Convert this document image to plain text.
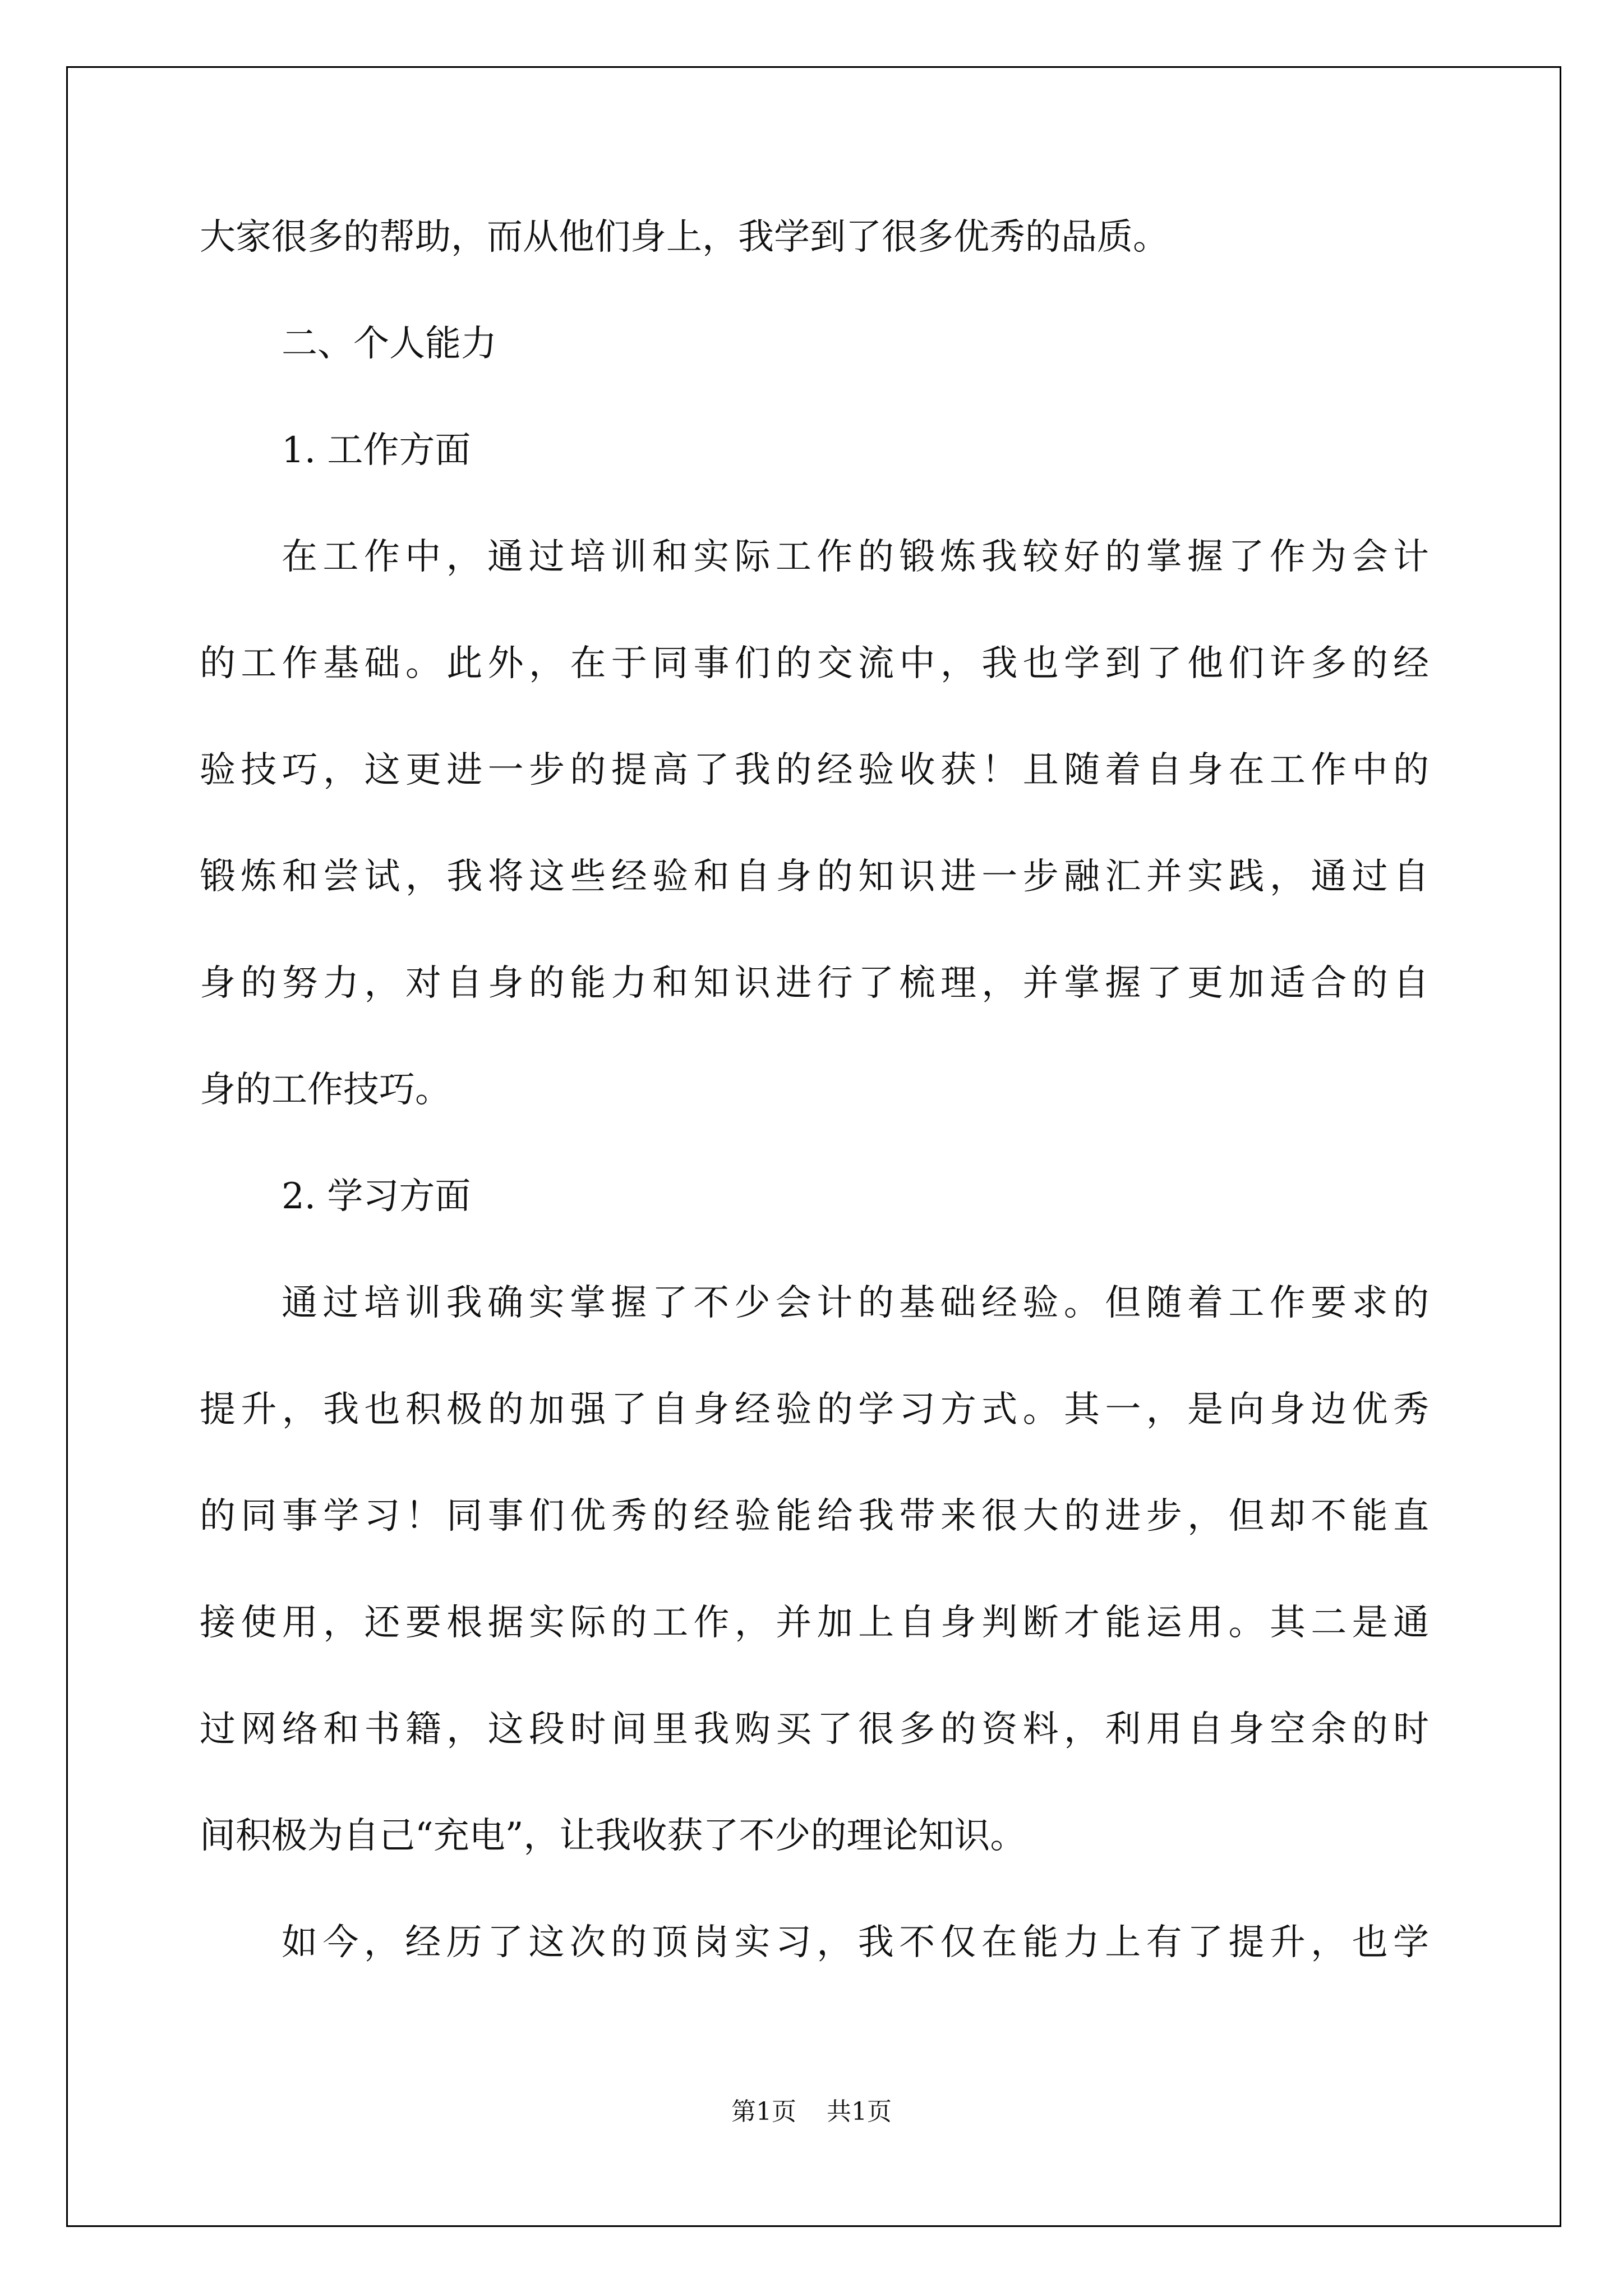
大家很多的帮助，而从他们身上，我学到了很多优秀的品质。
二、个人能力
1. 工作方面
在工作中，通过培训和实际工作的锻炼我较好的掌握了作为会计
的工作基础。此外，在于同事们的交流中，我也学到了他们许多的经
验技巧，这更进一步的提高了我的经验收获！且随着自身在工作中的
锻炼和尝试，我将这些经验和自身的知识进一步融汇并实践，通过自
身的努力，对自身的能力和知识进行了梳理，并掌握了更加适合的自
身的工作技巧。
2. 学习方面
通过培训我确实掌握了不少会计的基础经验。但随着工作要求的
提升，我也积极的加强了自身经验的学习方式。其一，是向身边优秀
的同事学习！同事们优秀的经验能给我带来很大的进步，但却不能直
接使用，还要根据实际的工作，并加上自身判断才能运用。其二是通
过网络和书籍，这段时间里我购买了很多的资料，利用自身空余的时
间积极为自己“充电”，让我收获了不少的理论知识。
如今，经历了这次的顶岗实习，我不仅在能力上有了提升，也学
第1页 共1页
